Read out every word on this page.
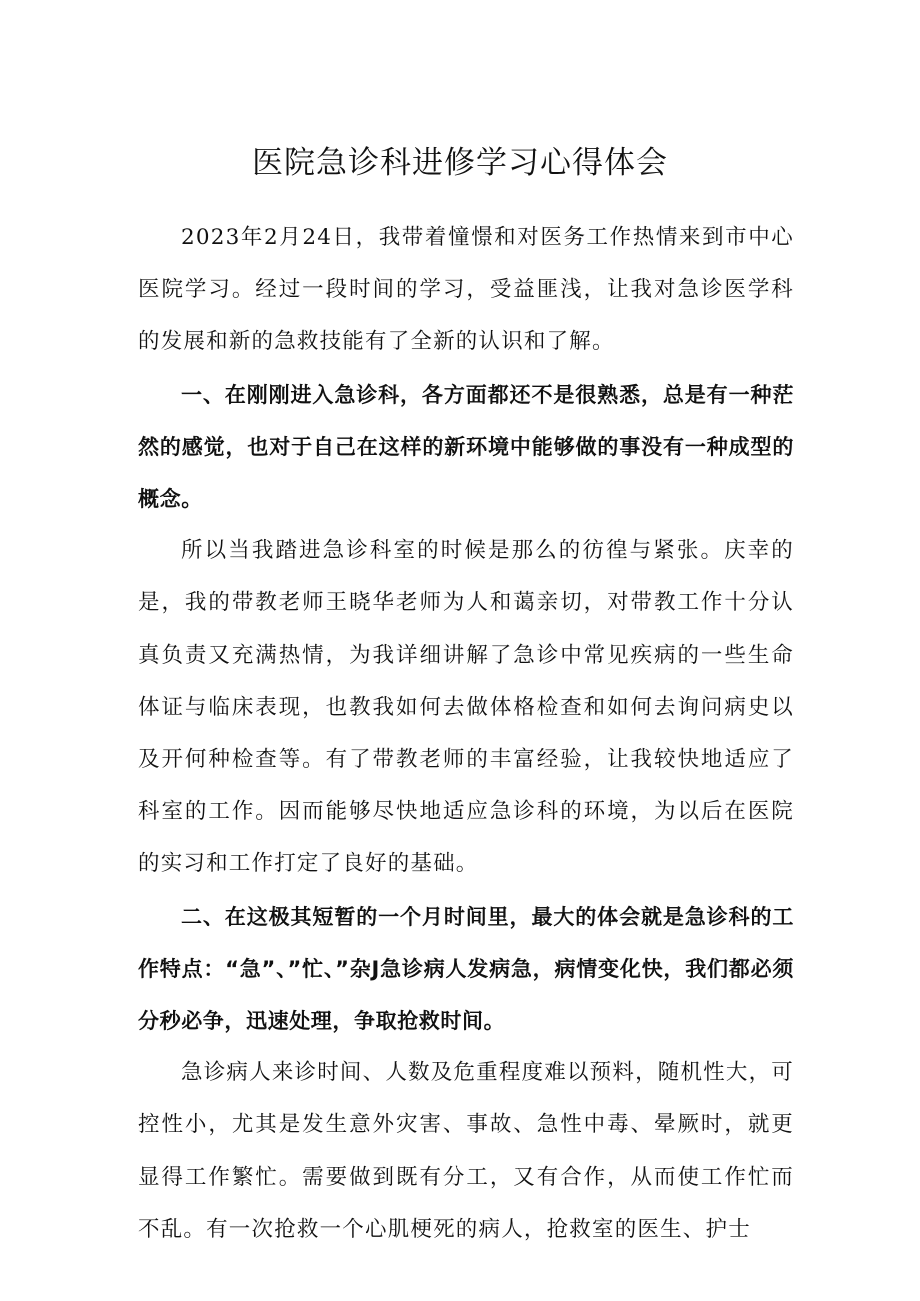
医院急诊科进修学习心得体会

2023年2月24日，我带着憧憬和对医务工作热情来到市中心医院学习。经过一段时间的学习，受益匪浅，让我对急诊医学科的发展和新的急救技能有了全新的认识和了解。

一、在刚刚进入急诊科，各方面都还不是很熟悉，总是有一种茫然的感觉，也对于自己在这样的新环境中能够做的事没有一种成型的概念。

所以当我踏进急诊科室的时候是那么的彷徨与紧张。庆幸的是，我的带教老师王晓华老师为人和蔼亲切，对带教工作十分认真负责又充满热情，为我详细讲解了急诊中常见疾病的一些生命体证与临床表现，也教我如何去做体格检查和如何去询问病史以及开何种检查等。有了带教老师的丰富经验，让我较快地适应了科室的工作。因而能够尽快地适应急诊科的环境，为以后在医院的实习和工作打定了良好的基础。

二、在这极其短暂的一个月时间里，最大的体会就是急诊科的工作特点：“急”、”忙、”杂J急诊病人发病急，病情变化快，我们都必须分秒必争，迅速处理，争取抢救时间。

急诊病人来诊时间、人数及危重程度难以预料，随机性大，可控性小，尤其是发生意外灾害、事故、急性中毒、晕厥时，就更显得工作繁忙。需要做到既有分工，又有合作，从而使工作忙而不乱。有一次抢救一个心肌梗死的病人，抢救室的医生、护士
